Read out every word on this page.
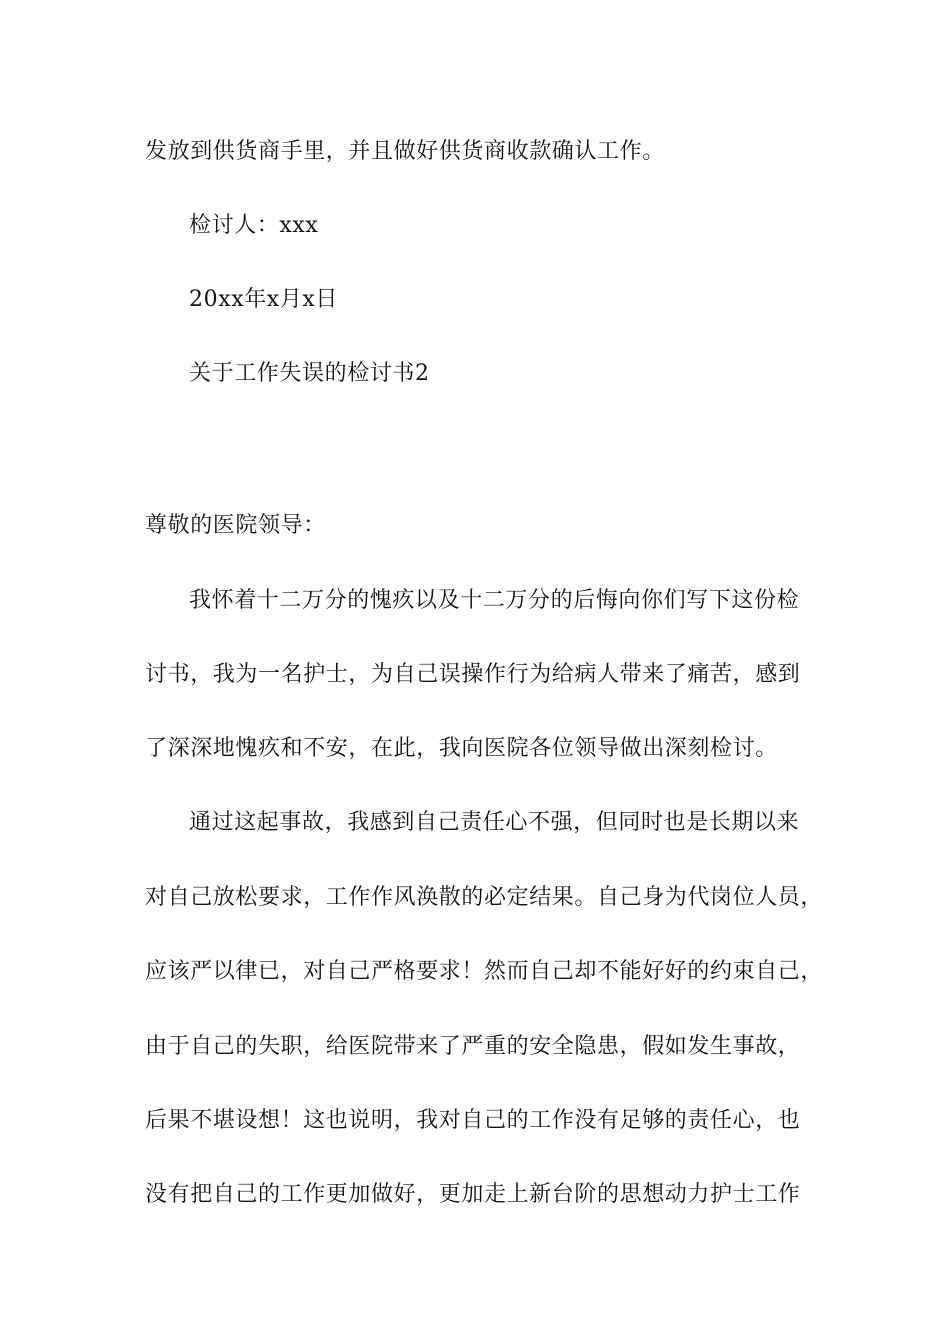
发放到供货商手里，并且做好供货商收款确认工作。
检讨人：xxx
20xx年x月x日
关于工作失误的检讨书2
尊敬的医院领导：
我怀着十二万分的愧疚以及十二万分的后悔向你们写下这份检
讨书，我为一名护士，为自己误操作行为给病人带来了痛苦，感到
了深深地愧疚和不安，在此，我向医院各位领导做出深刻检讨。
通过这起事故，我感到自己责任心不强，但同时也是长期以来
对自己放松要求，工作作风涣散的必定结果。自己身为代岗位人员，
应该严以律已，对自己严格要求！然而自己却不能好好的约束自己，
由于自己的失职，给医院带来了严重的安全隐患，假如发生事故，
后果不堪设想！这也说明，我对自己的工作没有足够的责任心，也
没有把自己的工作更加做好，更加走上新台阶的思想动力护士工作
